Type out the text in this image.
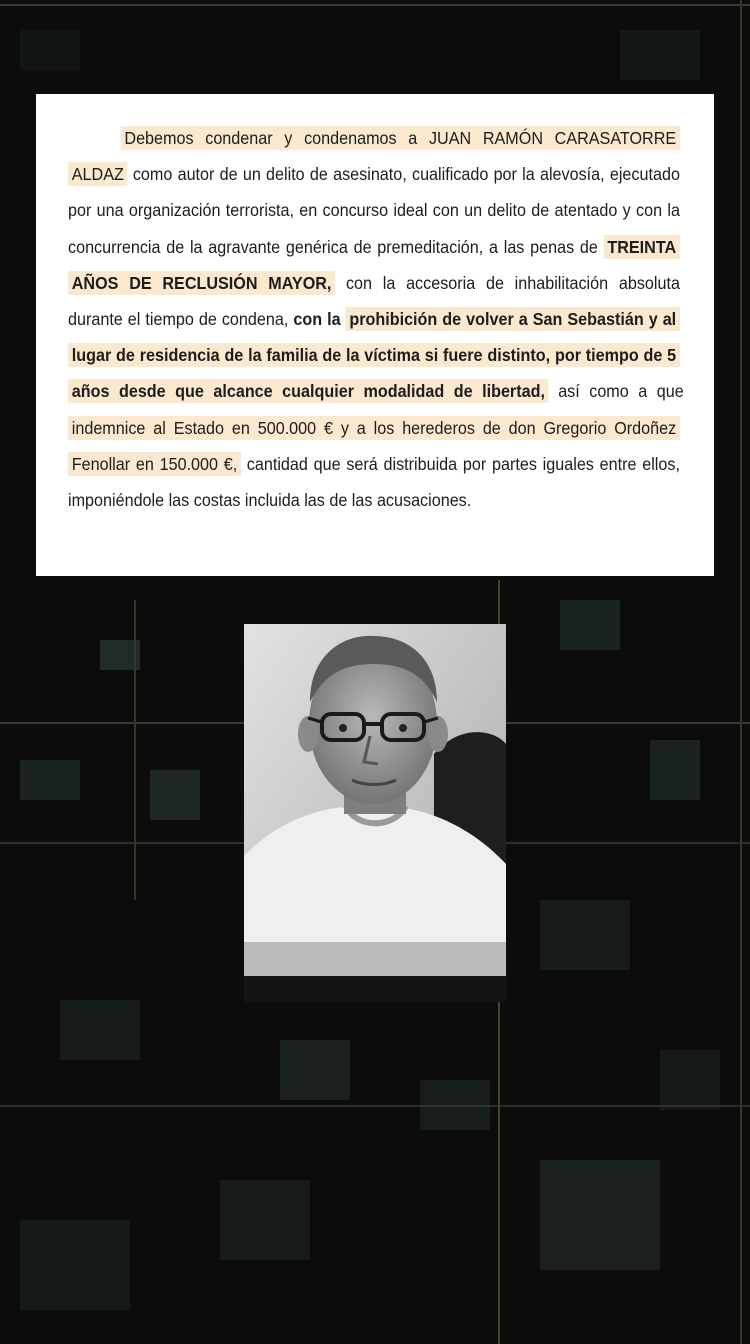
Debemos condenar y condenamos a JUAN RAMÓN CARASATORRE ALDAZ como autor de un delito de asesinato, cualificado por la alevosía, ejecutado por una organización terrorista, en concurso ideal con un delito de atentado y con la concurrencia de la agravante genérica de premeditación, a las penas de TREINTA AÑOS DE RECLUSIÓN MAYOR, con la accesoria de inhabilitación absoluta durante el tiempo de condena, con la prohibición de volver a San Sebastián y al lugar de residencia de la familia de la víctima si fuere distinto, por tiempo de 5 años desde que alcance cualquier modalidad de libertad, así como a que indemnice al Estado en 500.000 € y a los herederos de don Gregorio Ordoñez Fenollar en 150.000 €, cantidad que será distribuida por partes iguales entre ellos, imponiéndole las costas incluida las de las acusaciones.
